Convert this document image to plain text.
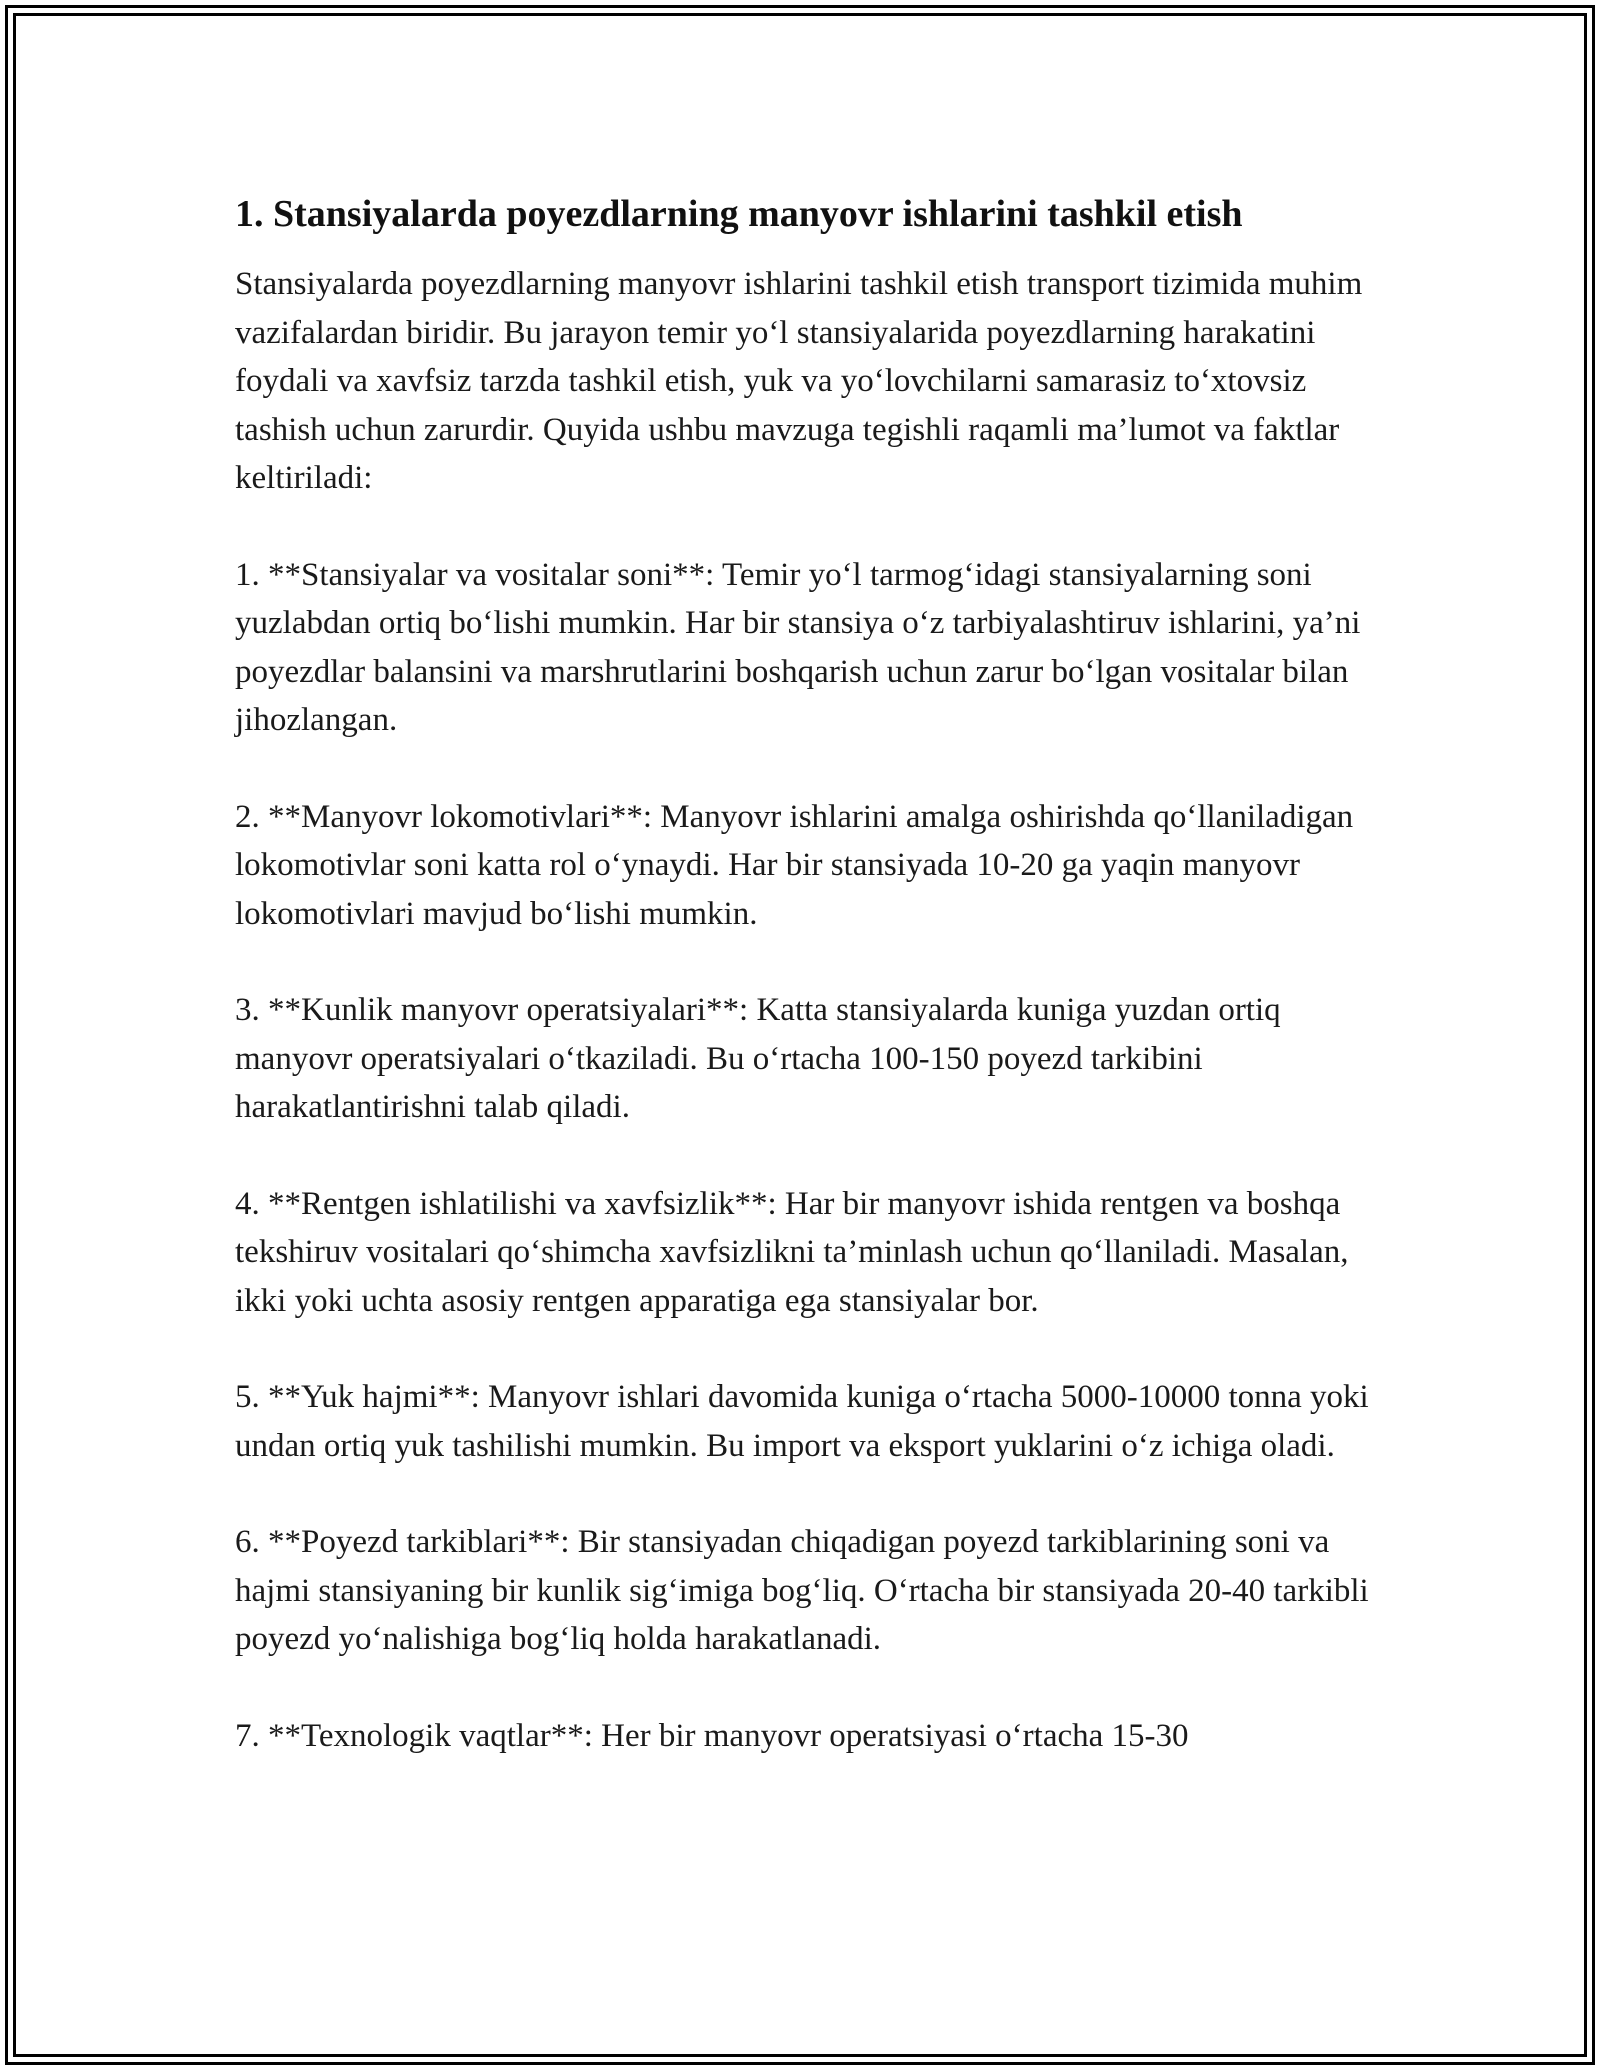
1. Stansiyalarda poyezdlarning manyovr ishlarini tashkil etish

Stansiyalarda poyezdlarning manyovr ishlarini tashkil etish transport tizimida muhim vazifalardan biridir. Bu jarayon temir yo‘l stansiyalarida poyezdlarning harakatini foydali va xavfsiz tarzda tashkil etish, yuk va yo‘lovchilarni samarasiz to‘xtovsiz tashish uchun zarurdir. Quyida ushbu mavzuga tegishli raqamli ma’lumot va faktlar keltiriladi:

1. **Stansiyalar va vositalar soni**: Temir yo‘l tarmog‘idagi stansiyalarning soni yuzlabdan ortiq bo‘lishi mumkin. Har bir stansiya o‘z tarbiyalashtiruv ishlarini, ya’ni poyezdlar balansini va marshrutlarini boshqarish uchun zarur bo‘lgan vositalar bilan jihozlangan.

2. **Manyovr lokomotivlari**: Manyovr ishlarini amalga oshirishda qo‘llaniladigan lokomotivlar soni katta rol o‘ynaydi. Har bir stansiyada 10-20 ga yaqin manyovr lokomotivlari mavjud bo‘lishi mumkin.

3. **Kunlik manyovr operatsiyalari**: Katta stansiyalarda kuniga yuzdan ortiq manyovr operatsiyalari o‘tkaziladi. Bu o‘rtacha 100-150 poyezd tarkibini harakatlantirishni talab qiladi.

4. **Rentgen ishlatilishi va xavfsizlik**: Har bir manyovr ishida rentgen va boshqa tekshiruv vositalari qo‘shimcha xavfsizlikni ta’minlash uchun qo‘llaniladi. Masalan, ikki yoki uchta asosiy rentgen apparatiga ega stansiyalar bor.

5. **Yuk hajmi**: Manyovr ishlari davomida kuniga o‘rtacha 5000-10000 tonna yoki undan ortiq yuk tashilishi mumkin. Bu import va eksport yuklarini o‘z ichiga oladi.

6. **Poyezd tarkiblari**: Bir stansiyadan chiqadigan poyezd tarkiblarining soni va hajmi stansiyaning bir kunlik sig‘imiga bog‘liq. O‘rtacha bir stansiyada 20-40 tarkibli poyezd yo‘nalishiga bog‘liq holda harakatlanadi.

7. **Texnologik vaqtlar**: Her bir manyovr operatsiyasi o‘rtacha 15-30
